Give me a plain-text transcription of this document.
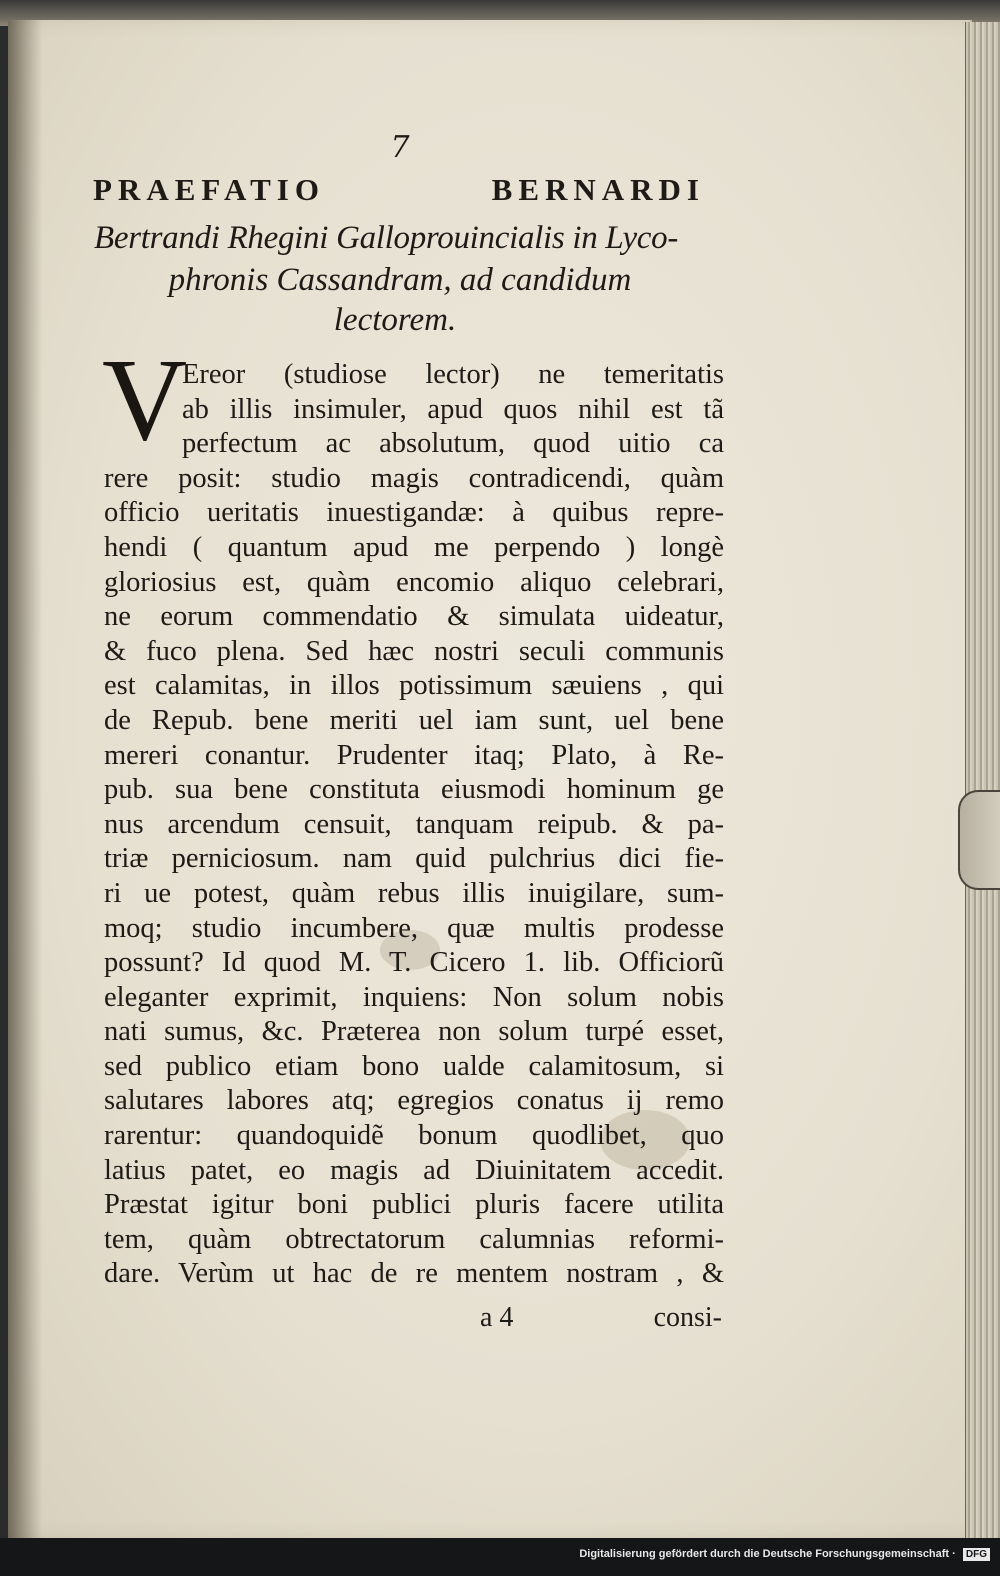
7
PRAEFATIO	BERNARDI
Bertrandi Rhegini Galloprouincialis in Lyco-
phronis Cassandram, ad candidum
lectorem.
V
Ereor (studiose lector) ne temeritatis
ab illis insimuler, apud quos nihil est tã
perfectum ac absolutum, quod uitio ca
rere posit: studio magis contradicendi, quàm
officio ueritatis inuestigandæ: à quibus repre-
hendi ( quantum apud me perpendo ) longè
gloriosius est, quàm encomio aliquo celebrari,
ne eorum commendatio & simulata uideatur,
& fuco plena. Sed hæc nostri seculi communis
est calamitas, in illos potissimum sæuiens , qui
de Repub. bene meriti uel iam sunt, uel bene
mereri conantur. Prudenter itaq; Plato, à Re-
pub. sua bene constituta eiusmodi hominum ge
nus arcendum censuit, tanquam reipub. & pa-
triæ perniciosum. nam quid pulchrius dici fie-
ri ue potest, quàm rebus illis inuigilare, sum-
moq; studio incumbere, quæ multis prodesse
possunt? Id quod M. T. Cicero 1. lib. Officiorũ
eleganter exprimit, inquiens: Non solum nobis
nati sumus, &c. Præterea non solum turpé esset,
sed publico etiam bono ualde calamitosum, si
salutares labores atq; egregios conatus ij remo
rarentur: quandoquidẽ bonum quodlibet, quo
latius patet, eo magis ad Diuinitatem accedit.
Præstat igitur boni publici pluris facere utilita
tem, quàm obtrectatorum calumnias reformi-
dare. Verùm ut hac de re mentem nostram , &
a 4	consi-
Digitalisierung gefördert durch die Deutsche Forschungsgemeinschaft · DFG
